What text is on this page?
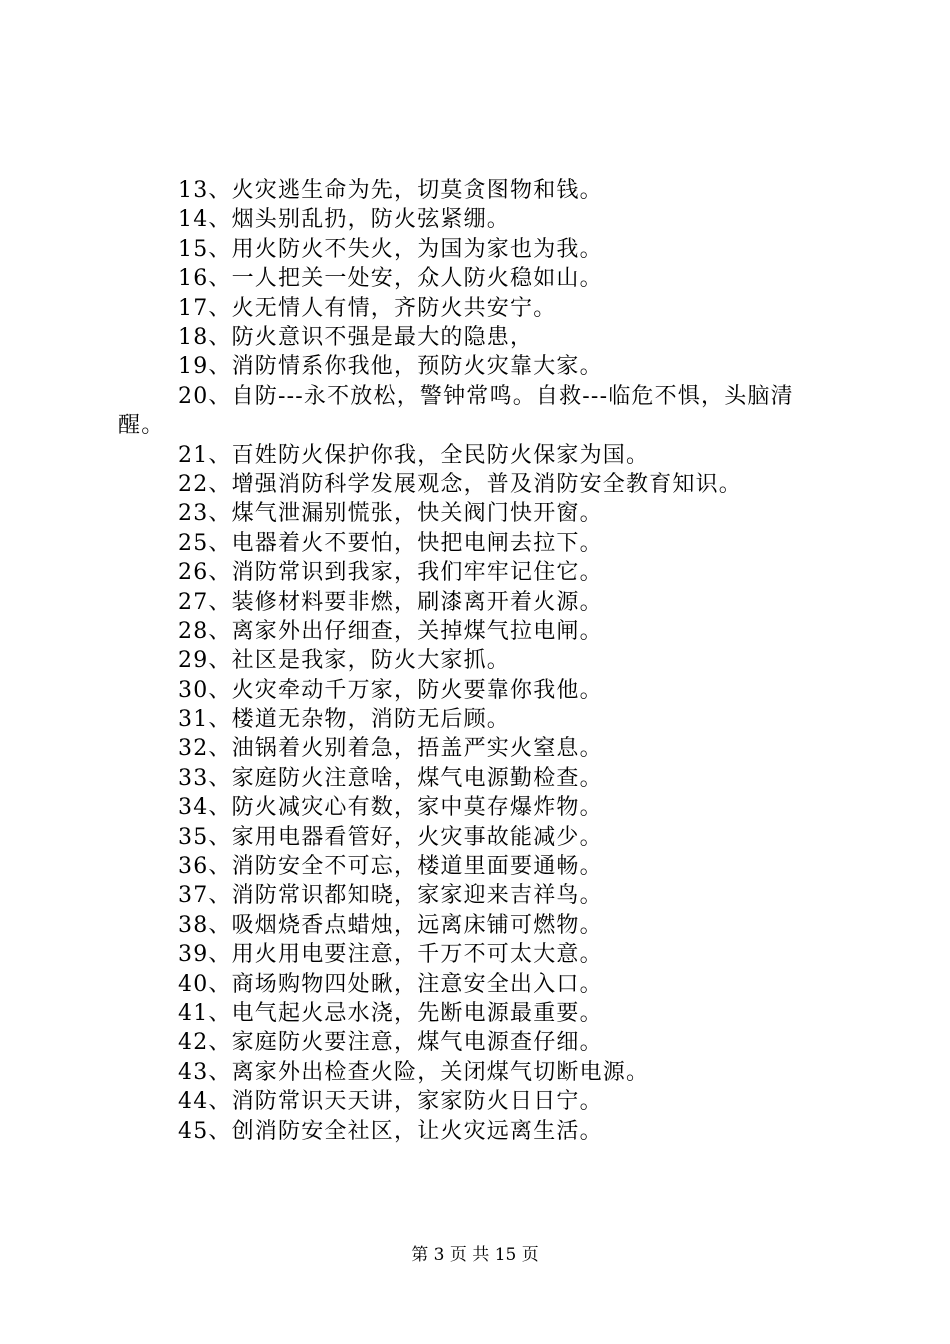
13、火灾逃生命为先，切莫贪图物和钱。
14、烟头别乱扔，防火弦紧绷。
15、用火防火不失火，为国为家也为我。
16、一人把关一处安，众人防火稳如山。
17、火无情人有情，齐防火共安宁。
18、防火意识不强是最大的隐患，
19、消防情系你我他，预防火灾靠大家。
20、自防---永不放松，警钟常鸣。自救---临危不惧，头脑清醒。
21、百姓防火保护你我，全民防火保家为国。
22、增强消防科学发展观念，普及消防安全教育知识。
23、煤气泄漏别慌张，快关阀门快开窗。
25、电器着火不要怕，快把电闸去拉下。
26、消防常识到我家，我们牢牢记住它。
27、装修材料要非燃，刷漆离开着火源。
28、离家外出仔细查，关掉煤气拉电闸。
29、社区是我家，防火大家抓。
30、火灾牵动千万家，防火要靠你我他。
31、楼道无杂物，消防无后顾。
32、油锅着火别着急，捂盖严实火窒息。
33、家庭防火注意啥，煤气电源勤检查。
34、防火减灾心有数，家中莫存爆炸物。
35、家用电器看管好，火灾事故能减少。
36、消防安全不可忘，楼道里面要通畅。
37、消防常识都知晓，家家迎来吉祥鸟。
38、吸烟烧香点蜡烛，远离床铺可燃物。
39、用火用电要注意，千万不可太大意。
40、商场购物四处瞅，注意安全出入口。
41、电气起火忌水浇，先断电源最重要。
42、家庭防火要注意，煤气电源查仔细。
43、离家外出检查火险，关闭煤气切断电源。
44、消防常识天天讲，家家防火日日宁。
45、创消防安全社区，让火灾远离生活。
第 3 页 共 15 页
